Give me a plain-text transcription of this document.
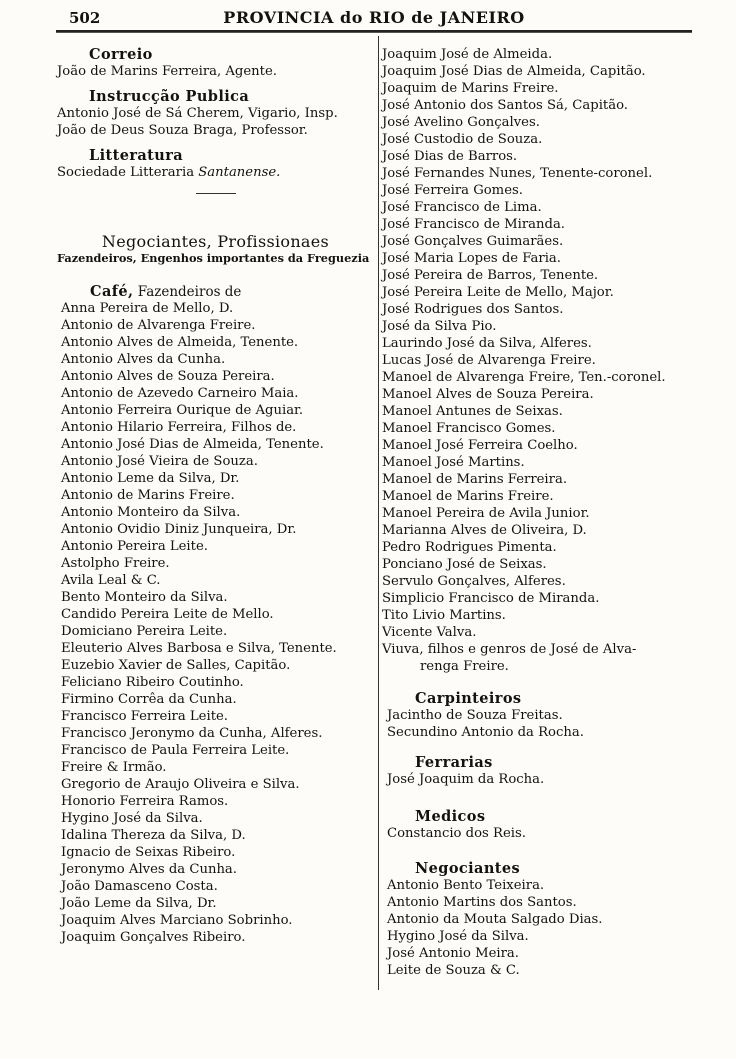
502	PROVINCIA do RIO de JANEIRO
Correio
João de Marins Ferreira, Agente.
Instrucção Publica
Antonio José de Sá Cherem, Vigario, Insp.
João de Deus Souza Braga, Professor.
Litteratura
Sociedade Litteraria Santanense.
Negociantes, Profissionaes
Fazendeiros, Engenhos importantes da Freguezia
Café, Fazendeiros de
Anna Pereira de Mello, D.
Antonio de Alvarenga Freire.
Antonio Alves de Almeida, Tenente.
Antonio Alves da Cunha.
Antonio Alves de Souza Pereira.
Antonio de Azevedo Carneiro Maia.
Antonio Ferreira Ourique de Aguiar.
Antonio Hilario Ferreira, Filhos de.
Antonio José Dias de Almeida, Tenente.
Antonio José Vieira de Souza.
Antonio Leme da Silva, Dr.
Antonio de Marins Freire.
Antonio Monteiro da Silva.
Antonio Ovidio Diniz Junqueira, Dr.
Antonio Pereira Leite.
Astolpho Freire.
Avila Leal & C.
Bento Monteiro da Silva.
Candido Pereira Leite de Mello.
Domiciano Pereira Leite.
Eleuterio Alves Barbosa e Silva, Tenente.
Euzebio Xavier de Salles, Capitão.
Feliciano Ribeiro Coutinho.
Firmino Corrêa da Cunha.
Francisco Ferreira Leite.
Francisco Jeronymo da Cunha, Alferes.
Francisco de Paula Ferreira Leite.
Freire & Irmão.
Gregorio de Araujo Oliveira e Silva.
Honorio Ferreira Ramos.
Hygino José da Silva.
Idalina Thereza da Silva, D.
Ignacio de Seixas Ribeiro.
Jeronymo Alves da Cunha.
João Damasceno Costa.
João Leme da Silva, Dr.
Joaquim Alves Marciano Sobrinho.
Joaquim Gonçalves Ribeiro.
Joaquim José de Almeida.
Joaquim José Dias de Almeida, Capitão.
Joaquim de Marins Freire.
José Antonio dos Santos Sá, Capitão.
José Avelino Gonçalves.
José Custodio de Souza.
José Dias de Barros.
José Fernandes Nunes, Tenente-coronel.
José Ferreira Gomes.
José Francisco de Lima.
José Francisco de Miranda.
José Gonçalves Guimarães.
José Maria Lopes de Faria.
José Pereira de Barros, Tenente.
José Pereira Leite de Mello, Major.
José Rodrigues dos Santos.
José da Silva Pio.
Laurindo José da Silva, Alferes.
Lucas José de Alvarenga Freire.
Manoel de Alvarenga Freire, Ten.-coronel.
Manoel Alves de Souza Pereira.
Manoel Antunes de Seixas.
Manoel Francisco Gomes.
Manoel José Ferreira Coelho.
Manoel José Martins.
Manoel de Marins Ferreira.
Manoel de Marins Freire.
Manoel Pereira de Avila Junior.
Marianna Alves de Oliveira, D.
Pedro Rodrigues Pimenta.
Ponciano José de Seixas.
Servulo Gonçalves, Alferes.
Simplicio Francisco de Miranda.
Tito Livio Martins.
Vicente Valva.
Viuva, filhos e genros de José de Alva-
renga Freire.
Carpinteiros
Jacintho de Souza Freitas.
Secundino Antonio da Rocha.
Ferrarias
José Joaquim da Rocha.
Medicos
Constancio dos Reis.
Negociantes
Antonio Bento Teixeira.
Antonio Martins dos Santos.
Antonio da Mouta Salgado Dias.
Hygino José da Silva.
José Antonio Meira.
Leite de Souza & C.
